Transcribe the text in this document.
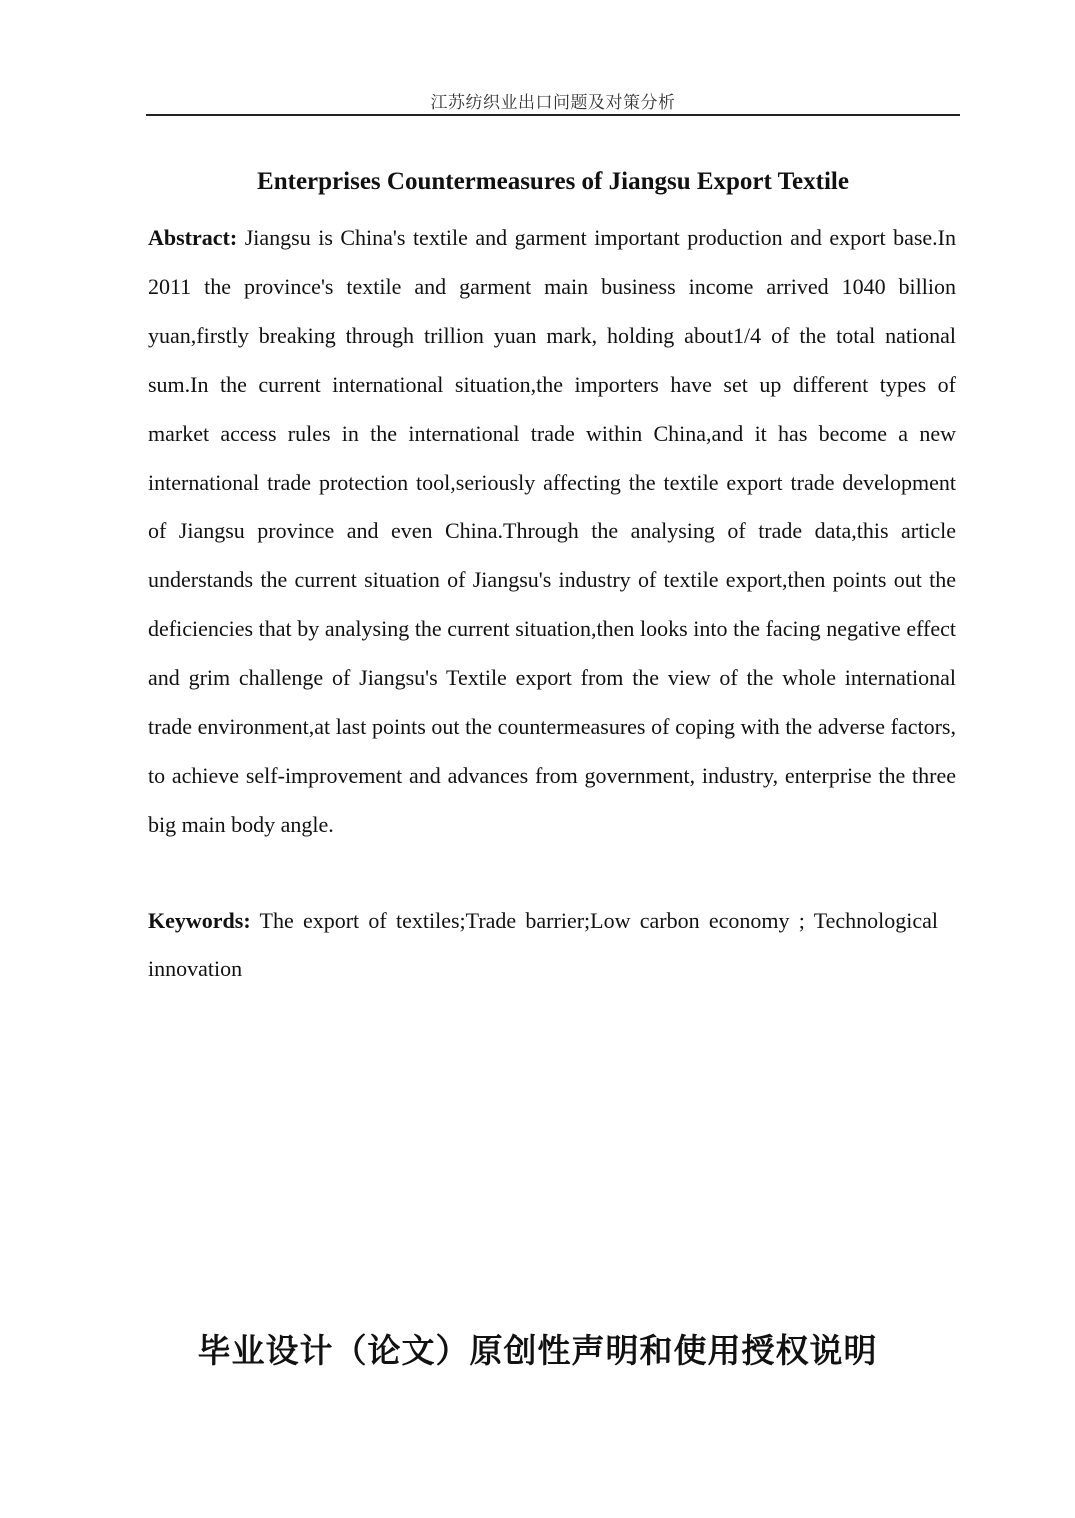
江苏纺织业出口问题及对策分析
Enterprises Countermeasures of Jiangsu Export Textile
Abstract: Jiangsu is China's textile and garment important production and export base.In 2011 the province's textile and garment main business income arrived 1040 billion yuan,firstly breaking through trillion yuan mark, holding about1/4 of the total national sum.In the current international situation,the importers have set up different types of market access rules in the international trade within China,and it has become a new international trade protection tool,seriously affecting the textile export trade development of Jiangsu province and even China.Through the analysing of trade data,this article understands the current situation of Jiangsu's industry of textile export,then points out the deficiencies that by analysing the current situation,then looks into the facing negative effect and grim challenge of Jiangsu's Textile export from the view of the whole international trade environment,at last points out the countermeasures of coping with the adverse factors, to achieve self-improvement and advances from government, industry, enterprise the three big main body angle.
Keywords: The export of textiles;Trade barrier;Low carbon economy ; Technological innovation
毕业设计（论文）原创性声明和使用授权说明
